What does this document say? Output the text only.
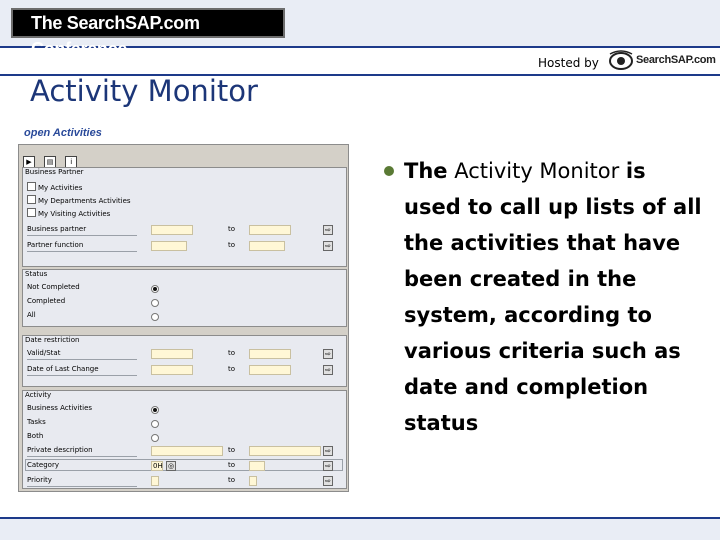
The SearchSAP.com Conference
Hosted by	SearchSAP.com
Activity Monitor
open Activities
▶ ▤ i
Business Partner
My Activities
My Departments Activities
My Visiting Activities
Business partner	to	⇨
Partner function	to	⇨
Status
Not Completed
Completed
All
Date restriction
Valid/Stat	to	⇨
Date of Last Change	to	⇨
Activity
Business Activities
Tasks
Both
Private description	to	⇨
Category	0H ◎	to	⇨
Priority	to	⇨
The Activity Monitor is used to call up lists of all the activities that have been created in the system, according to various criteria such as date and completion status
